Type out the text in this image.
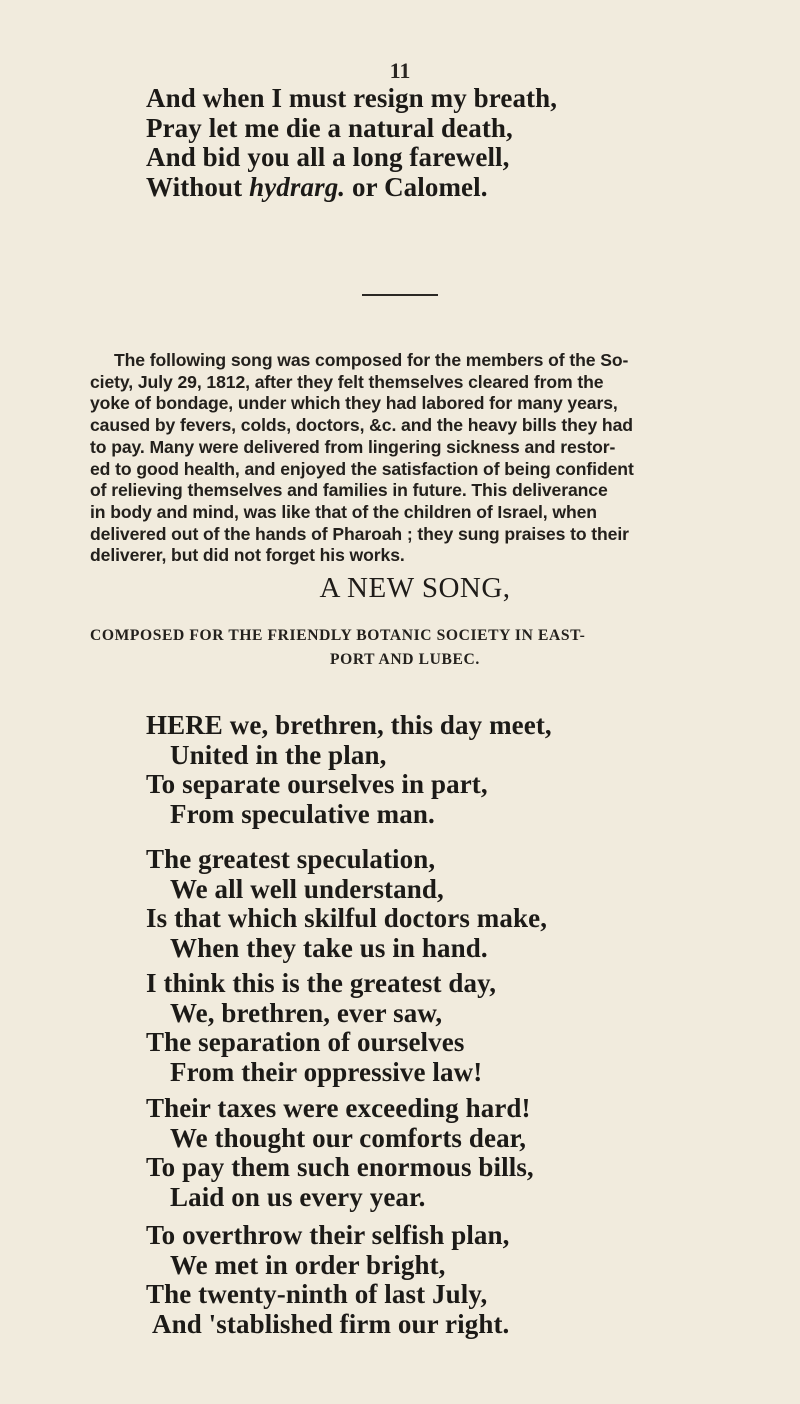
11
And when I must resign my breath,
Pray let me die a natural death,
And bid you all a long farewell,
Without hydrarg. or Calomel.
The following song was composed for the members of the So-
ciety, July 29, 1812, after they felt themselves cleared from the
yoke of bondage, under which they had labored for many years,
caused by fevers, colds, doctors, &c. and the heavy bills they had
to pay. Many were delivered from lingering sickness and restor-
ed to good health, and enjoyed the satisfaction of being confident
of relieving themselves and families in future. This deliverance
in body and mind, was like that of the children of Israel, when
delivered out of the hands of Pharoah ; they sung praises to their
deliverer, but did not forget his works.
A NEW SONG,
COMPOSED FOR THE FRIENDLY BOTANIC SOCIETY IN EAST-
PORT AND LUBEC.
HERE we, brethren, this day meet,
United in the plan,
To separate ourselves in part,
From speculative man.
The greatest speculation,
We all well understand,
Is that which skilful doctors make,
When they take us in hand.
I think this is the greatest day,
We, brethren, ever saw,
The separation of ourselves
From their oppressive law!
Their taxes were exceeding hard!
We thought our comforts dear,
To pay them such enormous bills,
Laid on us every year.
To overthrow their selfish plan,
We met in order bright,
The twenty-ninth of last July,
And 'stablished firm our right.
